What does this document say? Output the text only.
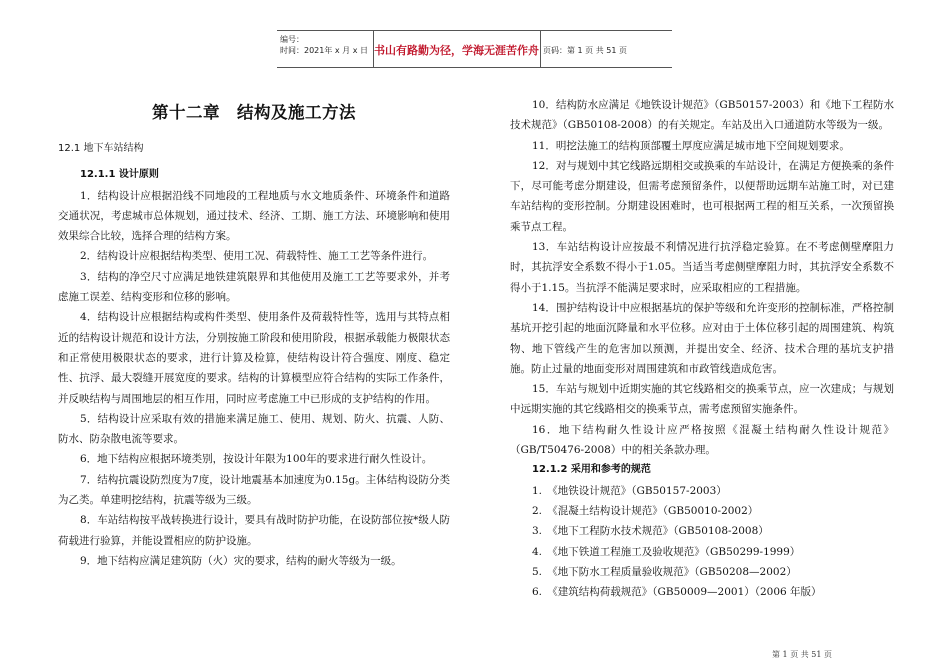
编号：
时间：2021年 x 月 x 日 书山有路勤为径，学海无涯苦作舟 页码：第 1 页 共 51 页

第十二章　结构及施工方法

12.1 地下车站结构

12.1.1 设计原则

1．结构设计应根据沿线不同地段的工程地质与水文地质条件、环境条件和道路交通状况，考虑城市总体规划，通过技术、经济、工期、施工方法、环境影响和使用效果综合比较，选择合理的结构方案。

2．结构设计应根据结构类型、使用工况、荷载特性、施工工艺等条件进行。

3．结构的净空尺寸应满足地铁建筑限界和其他使用及施工工艺等要求外，并考虑施工误差、结构变形和位移的影响。

4．结构设计应根据结构或构件类型、使用条件及荷载特性等，选用与其特点相近的结构设计规范和设计方法，分别按施工阶段和使用阶段，根据承载能力极限状态和正常使用极限状态的要求，进行计算及检算，使结构设计符合强度、刚度、稳定性、抗浮、最大裂缝开展宽度的要求。结构的计算模型应符合结构的实际工作条件，并反映结构与周围地层的相互作用，同时应考虑施工中已形成的支护结构的作用。

5．结构设计应采取有效的措施来满足施工、使用、规划、防火、抗震、人防、防水、防杂散电流等要求。

6．地下结构应根据环境类别，按设计年限为100年的要求进行耐久性设计。

7．结构抗震设防烈度为7度，设计地震基本加速度为0.15g。主体结构设防分类为乙类。单建明挖结构，抗震等级为三级。

8．车站结构按平战转换进行设计，要具有战时防护功能，在设防部位按*级人防荷载进行验算，并能设置相应的防护设施。

9．地下结构应满足建筑防（火）灾的要求，结构的耐火等级为一级。

10．结构防水应满足《地铁设计规范》（GB50157-2003）和《地下工程防水技术规范》（GB50108-2008）的有关规定。车站及出入口通道防水等级为一级。

11．明挖法施工的结构顶部覆土厚度应满足城市地下空间规划要求。

12．对与规划中其它线路远期相交或换乘的车站设计，在满足方便换乘的条件下，尽可能考虑分期建设，但需考虑预留条件，以便帮助远期车站施工时，对已建车站结构的变形控制。分期建设困难时，也可根据两工程的相互关系，一次预留换乘节点工程。

13．车站结构设计应按最不利情况进行抗浮稳定验算。在不考虑侧壁摩阻力时，其抗浮安全系数不得小于1.05。当适当考虑侧壁摩阻力时，其抗浮安全系数不得小于1.15。当抗浮不能满足要求时，应采取相应的工程措施。

14．围护结构设计中应根据基坑的保护等级和允许变形的控制标准，严格控制基坑开挖引起的地面沉降量和水平位移。应对由于土体位移引起的周围建筑、构筑物、地下管线产生的危害加以预测，并提出安全、经济、技术合理的基坑支护措施。防止过量的地面变形对周围建筑和市政管线造成危害。

15．车站与规划中近期实施的其它线路相交的换乘节点，应一次建成；与规划中远期实施的其它线路相交的换乘节点，需考虑预留实施条件。

16．地下结构耐久性设计应严格按照《混凝土结构耐久性设计规范》（GB/T50476-2008）中的相关条款办理。

12.1.2 采用和参考的规范

1.　《地铁设计规范》（GB50157-2003）

2.　《混凝土结构设计规范》（GB50010-2002）

3.　《地下工程防水技术规范》（GB50108-2008）

4.　《地下铁道工程施工及验收规范》（GB50299-1999）

5.　《地下防水工程质量验收规范》（GB50208—2002）

6.　《建筑结构荷载规范》（GB50009—2001）（2006 年版）

第 1 页 共 51 页
